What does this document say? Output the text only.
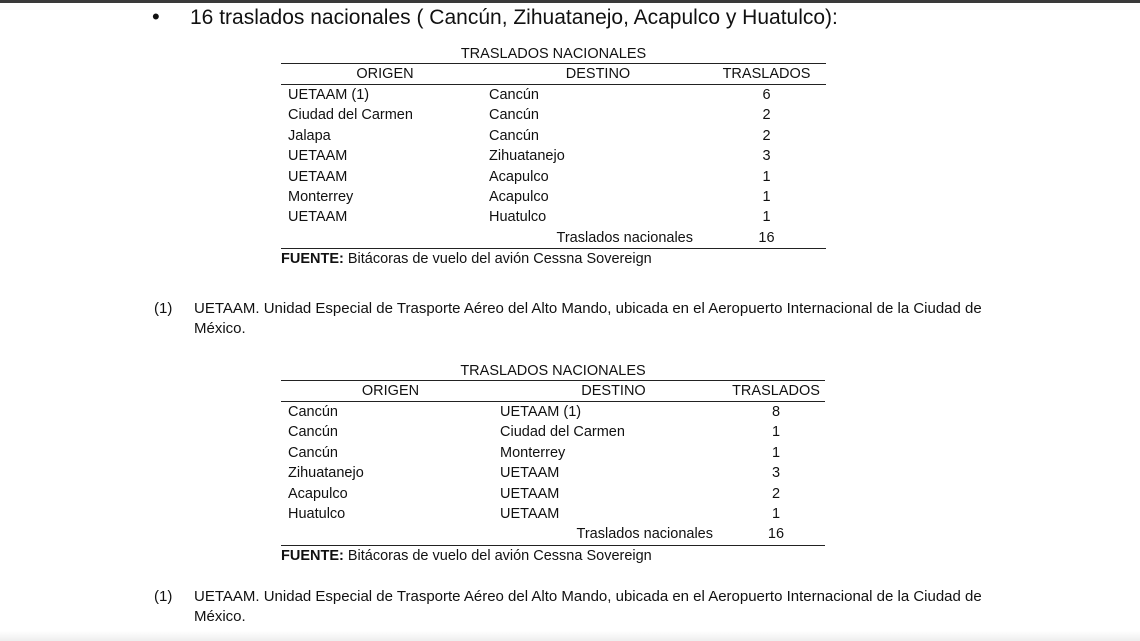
• 16 traslados nacionales ( Cancún, Zihuatanejo, Acapulco y Huatulco):
TRASLADOS NACIONALES
ORIGEN	DESTINO	TRASLADOS
UETAAM (1)	Cancún	6
Ciudad del Carmen	Cancún	2
Jalapa	Cancún	2
UETAAM	Zihuatanejo	3
UETAAM	Acapulco	1
Monterrey	Acapulco	1
UETAAM	Huatulco	1
Traslados nacionales	16
FUENTE: Bitácoras de vuelo del avión Cessna Sovereign
(1) UETAAM. Unidad Especial de Trasporte Aéreo del Alto Mando, ubicada en el Aeropuerto Internacional de la Ciudad de México.
TRASLADOS NACIONALES
ORIGEN	DESTINO	TRASLADOS
Cancún	UETAAM (1)	8
Cancún	Ciudad del Carmen	1
Cancún	Monterrey	1
Zihuatanejo	UETAAM	3
Acapulco	UETAAM	2
Huatulco	UETAAM	1
Traslados nacionales	16
FUENTE: Bitácoras de vuelo del avión Cessna Sovereign
(1) UETAAM. Unidad Especial de Trasporte Aéreo del Alto Mando, ubicada en el Aeropuerto Internacional de la Ciudad de México.
